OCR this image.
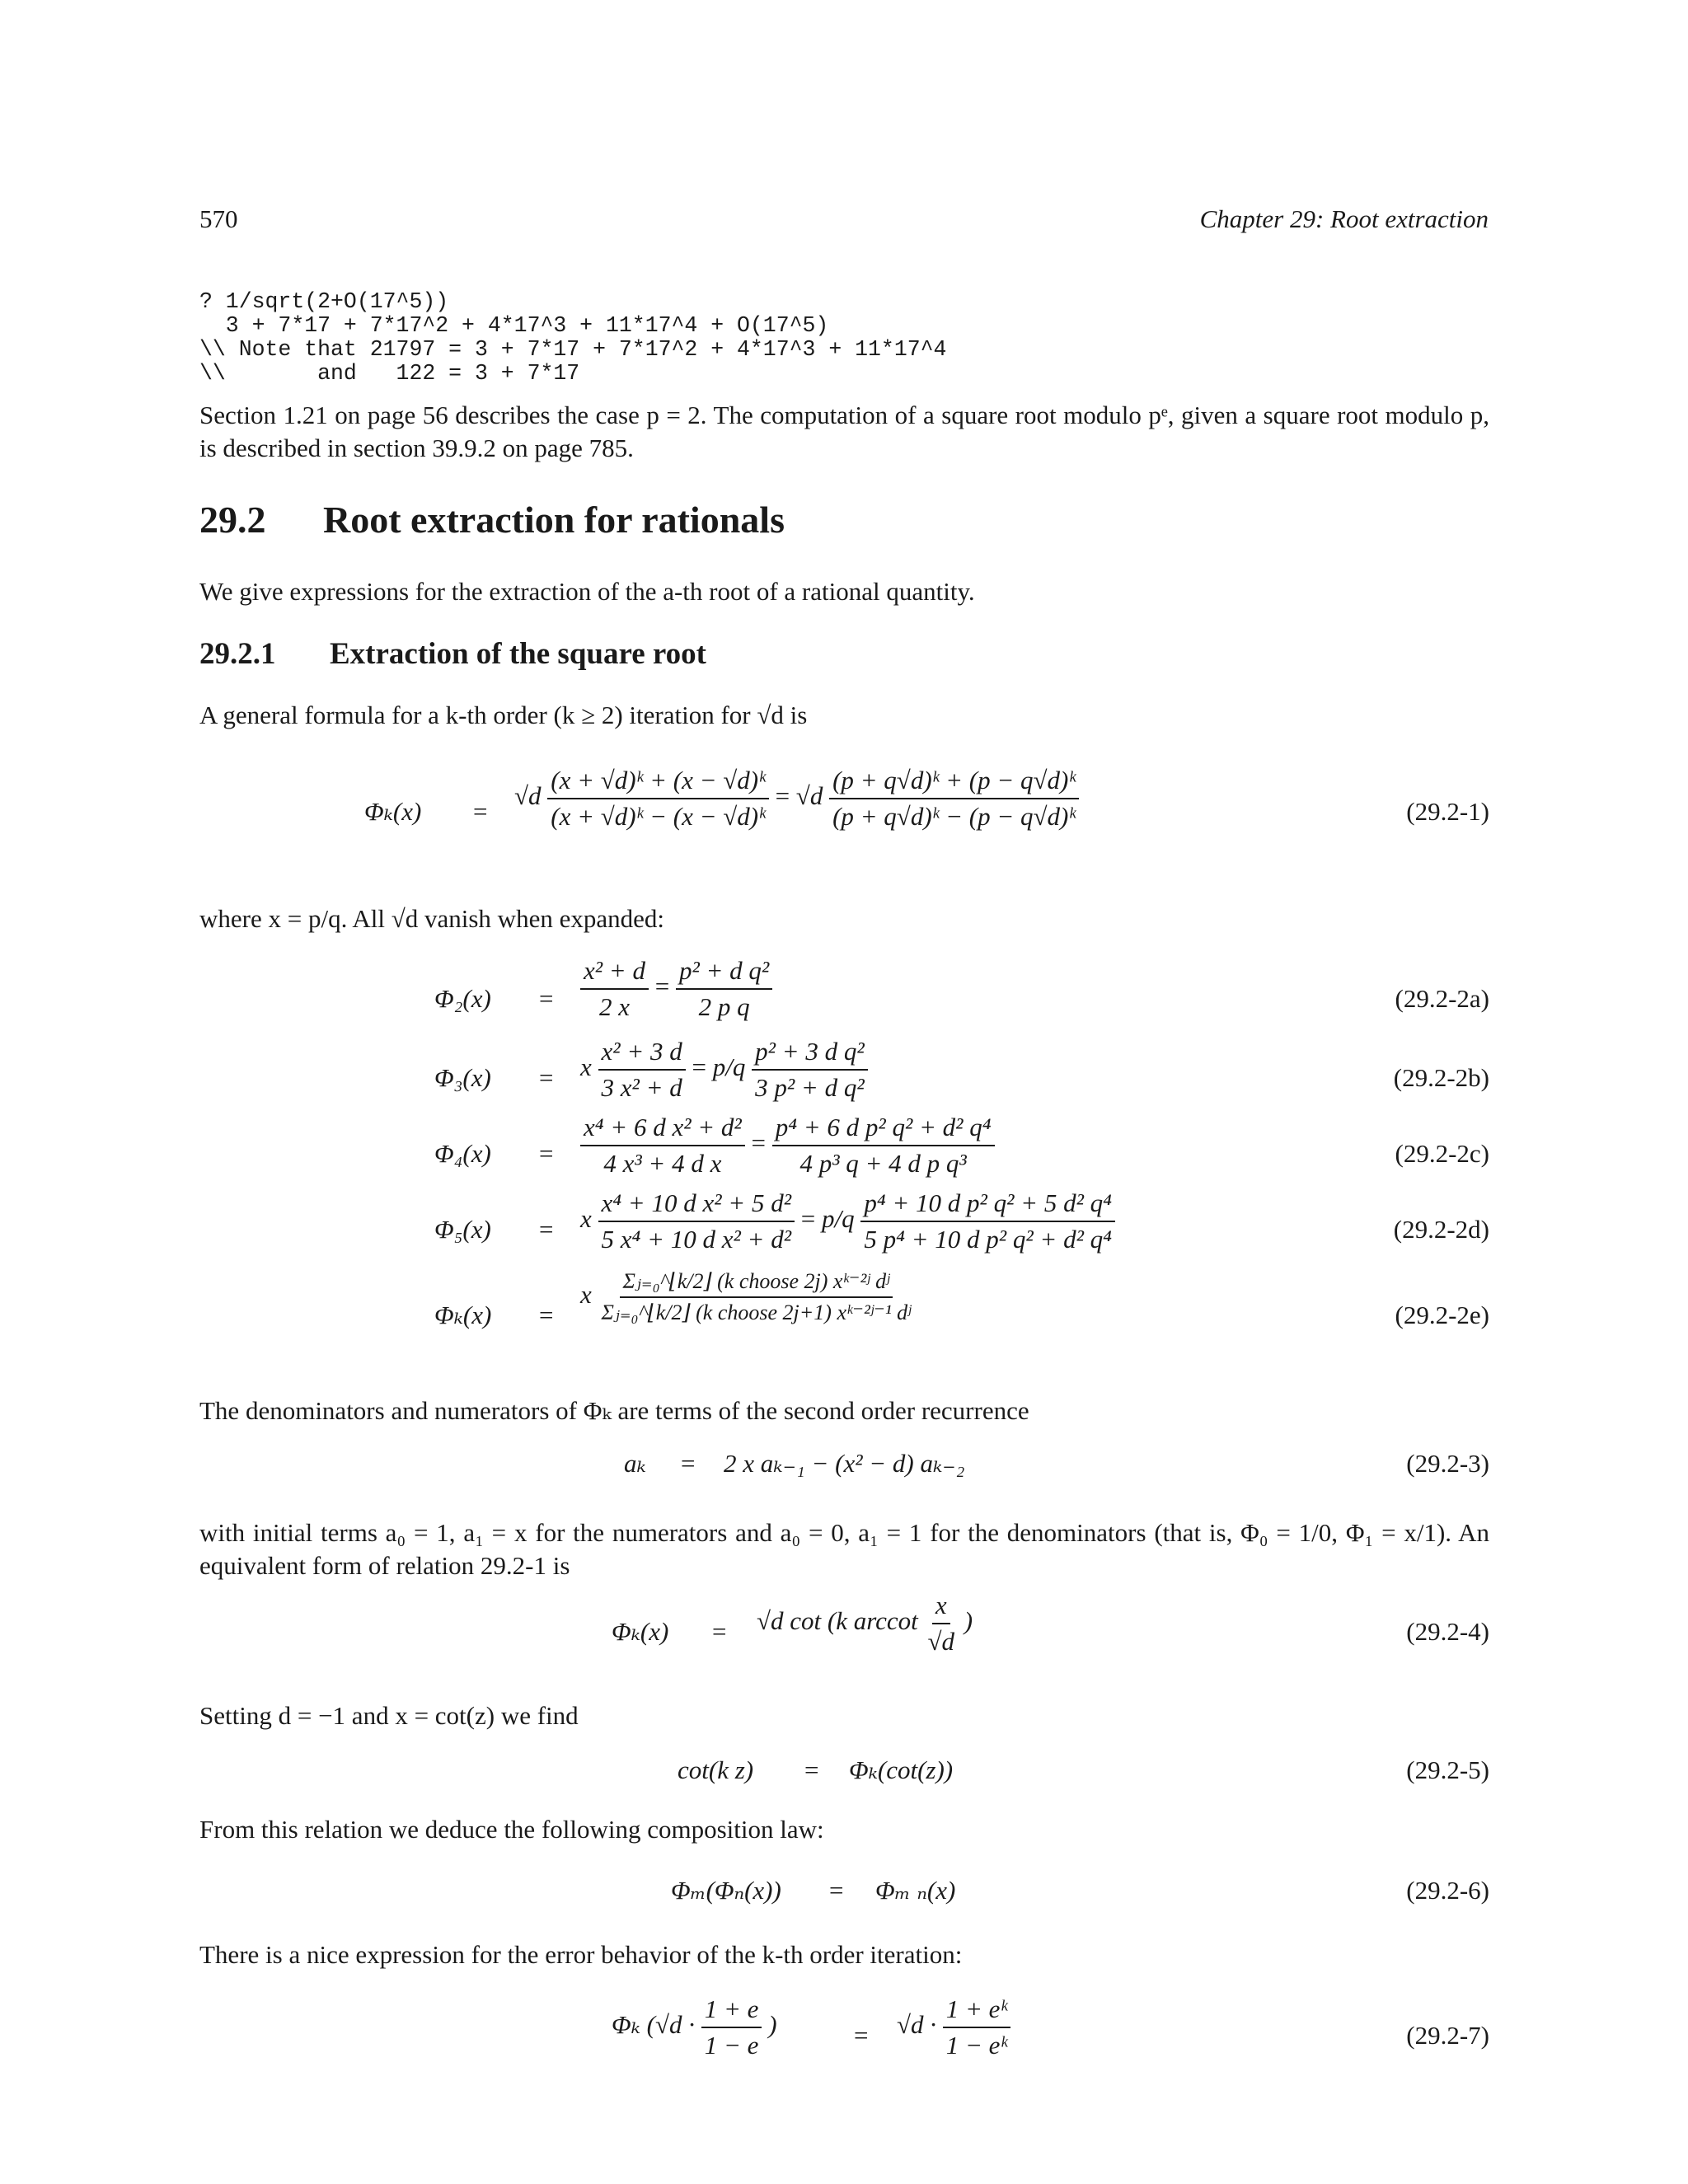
570	Chapter 29: Root extraction
? 1/sqrt(2+O(17^5))
3 + 7*17 + 7*17^2 + 4*17^3 + 11*17^4 + O(17^5)
\\ Note that 21797 = 3 + 7*17 + 7*17^2 + 4*17^3 + 11*17^4
\\       and   122 = 3 + 7*17
Section 1.21 on page 56 describes the case p = 2. The computation of a square root modulo pᵉ, given a square root modulo p, is described in section 39.9.2 on page 785.
29.2 Root extraction for rationals
We give expressions for the extraction of the a-th root of a rational quantity.
29.2.1 Extraction of the square root
A general formula for a k-th order (k ≥ 2) iteration for √d is
Φₖ(x) =
$√d \frac{\text{(x + √d)ᵏ + (x − √d)ᵏ}}{\text{(x + √d)ᵏ − (x − √d)ᵏ}} = √d \frac{\text{(p + q√d)ᵏ + (p − q√d)ᵏ}}{\text{(p + q√d)ᵏ − (p − q√d)ᵏ}}$	(29.2-1)
where x = p/q. All √d vanish when expanded:
$\Phi_2(x) = \frac{\text{x² + d}}{2 x} = \frac{\text{p² + d q²}}{\text{2 p q}}$	(29.2-2a)
Φ₃(x) = x $\frac{\text{x² + 3 d}}{\text{3 x² + d}} = p/q \frac{\text{p² + 3 d q²}}{\text{3 p² + d q²}}$	(29.2-2b)
$\Phi_4(x) = \frac{\text{x⁴ + 6 d x² + d²}}{\text{4 x³ + 4 d x}} = \frac{\text{p⁴ + 6 d p² q² + d² q⁴}}{\text{4 p³ q + 4 d p q³}}$	(29.2-2c)
Φ₅(x) = x $\frac{\text{x⁴ + 10 d x² + 5 d²}}{\text{5 x⁴ + 10 d x² + d²}} = p/q \frac{\text{p⁴ + 10 d p² q² + 5 d² q⁴}}{\text{5 p⁴ + 10 d p² q² + d² q⁴}}$	(29.2-2d)
Φₖ(x) =
x $\frac{\text{Σⱼ₌₀\textasciicircum{}⌊k/2⌋ (k choose 2j) xᵏ⁻²ʲ dʲ}}{\text{Σⱼ₌₀\textasciicircum{}⌊k/2⌋ (k choose 2j+1) xᵏ⁻²ʲ⁻¹ dʲ}}$	(29.2-2e)
The denominators and numerators of Φₖ are terms of the second order recurrence
aₖ = 2 x aₖ₋₁ − (x² − d) aₖ₋₂	(29.2-3)
with initial terms a₀ = 1, a₁ = x for the numerators and a₀ = 0, a₁ = 1 for the denominators (that is, Φ₀ = 1/0, Φ₁ = x/1). An equivalent form of relation 29.2-1 is
Φₖ(x) = √d cot (k arccot $\frac{x}{√d}$ )	(29.2-4)
Setting d = −1 and x = cot(z) we find
cot(k z) = Φₖ(cot(z))	(29.2-5)
From this relation we deduce the following composition law:
Φₘ(Φₙ(x)) = Φₘ ₙ(x)	(29.2-6)
There is a nice expression for the error behavior of the k-th order iteration:
Φₖ ($√d \cdot \frac{1 + e}{1 - e}$ )	= $√d \cdot \frac{\text{1 + eᵏ}}{\text{1 − eᵏ}}$	(29.2-7)
